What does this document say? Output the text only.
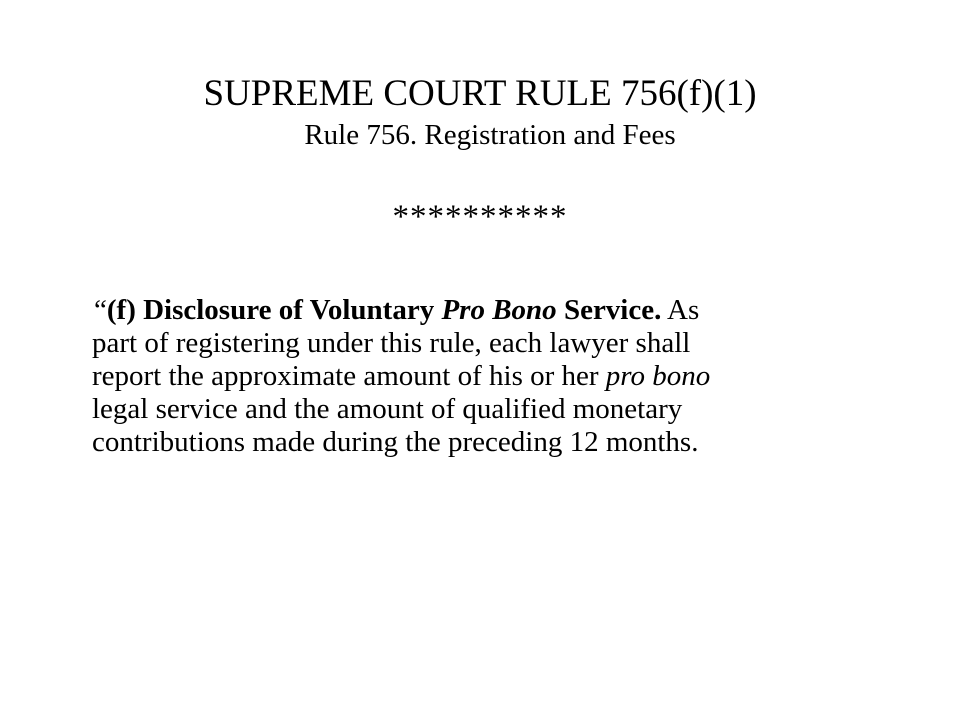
SUPREME COURT RULE 756(f)(1)
Rule 756. Registration and Fees
**********
“(f) Disclosure of Voluntary Pro Bono Service. As
part of registering under this rule, each lawyer shall
report the approximate amount of his or her pro bono
legal service and the amount of qualified monetary
contributions made during the preceding 12 months.
